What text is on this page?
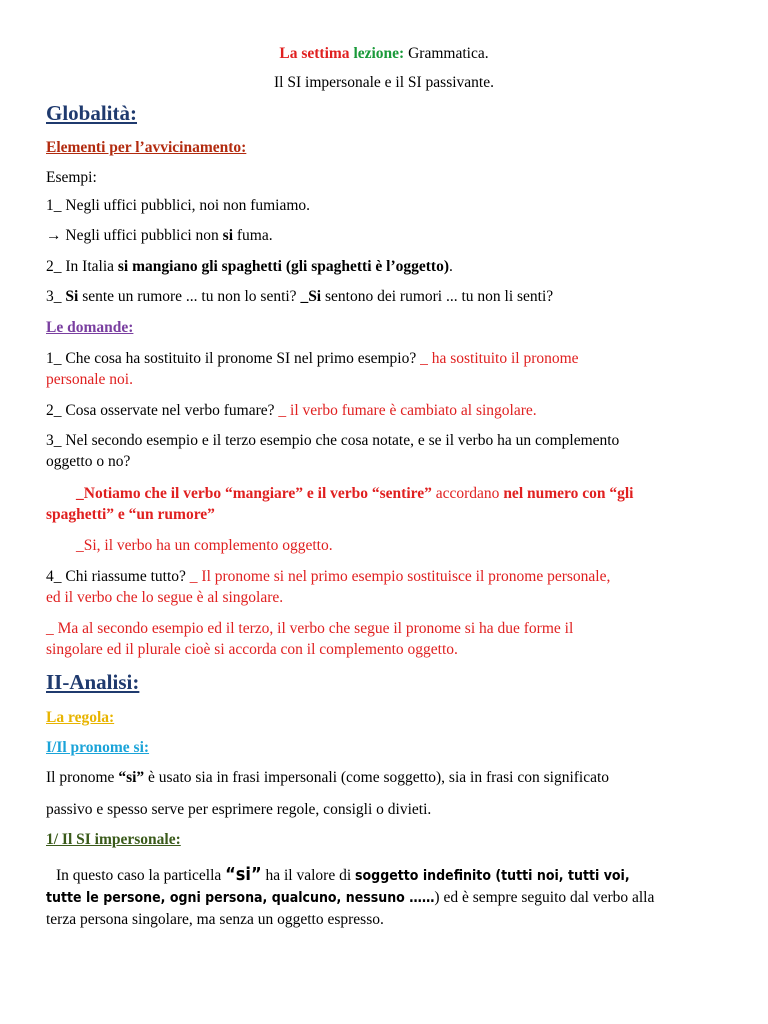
La settima lezione: Grammatica.
Il SI impersonale e il SI passivante.
Globalità:
Elementi per l’avvicinamento:
Esempi:
1_ Negli uffici pubblici, noi non fumiamo.
→ Negli uffici pubblici non si fuma.
2_ In Italia si mangiano gli spaghetti (gli spaghetti è l’oggetto).
3_ Si sente un rumore ... tu non lo senti? _Si sentono dei rumori ... tu non li senti?
Le domande:
1_ Che cosa ha sostituito il pronome SI nel primo esempio? _ ha sostituito il pronome
personale noi.
2_ Cosa osservate nel verbo fumare? _ il verbo fumare è cambiato al singolare.
3_ Nel secondo esempio e il terzo esempio che cosa notate, e se il verbo ha un complemento
oggetto o no?
_Notiamo che il verbo “mangiare” e il verbo “sentire” accordano nel numero con “gli
spaghetti” e “un rumore”
_Si, il verbo ha un complemento oggetto.
4_ Chi riassume tutto? _ Il pronome si nel primo esempio sostituisce il pronome personale,
ed il verbo che lo segue è al singolare.
_ Ma al secondo esempio ed il terzo, il verbo che segue il pronome si ha due forme il
singolare ed il plurale cioè si accorda con il complemento oggetto.
II-Analisi:
La regola:
I/Il pronome si:
Il pronome “si” è usato sia in frasi impersonali (come soggetto), sia in frasi con significato
passivo e spesso serve per esprimere regole, consigli o divieti.
1/ Il SI impersonale:
In questo caso la particella “si” ha il valore di soggetto indefinito (tutti noi, tutti voi,
tutte le persone, ogni persona, qualcuno, nessuno ……) ed è sempre seguito dal verbo alla
terza persona singolare, ma senza un oggetto espresso.
